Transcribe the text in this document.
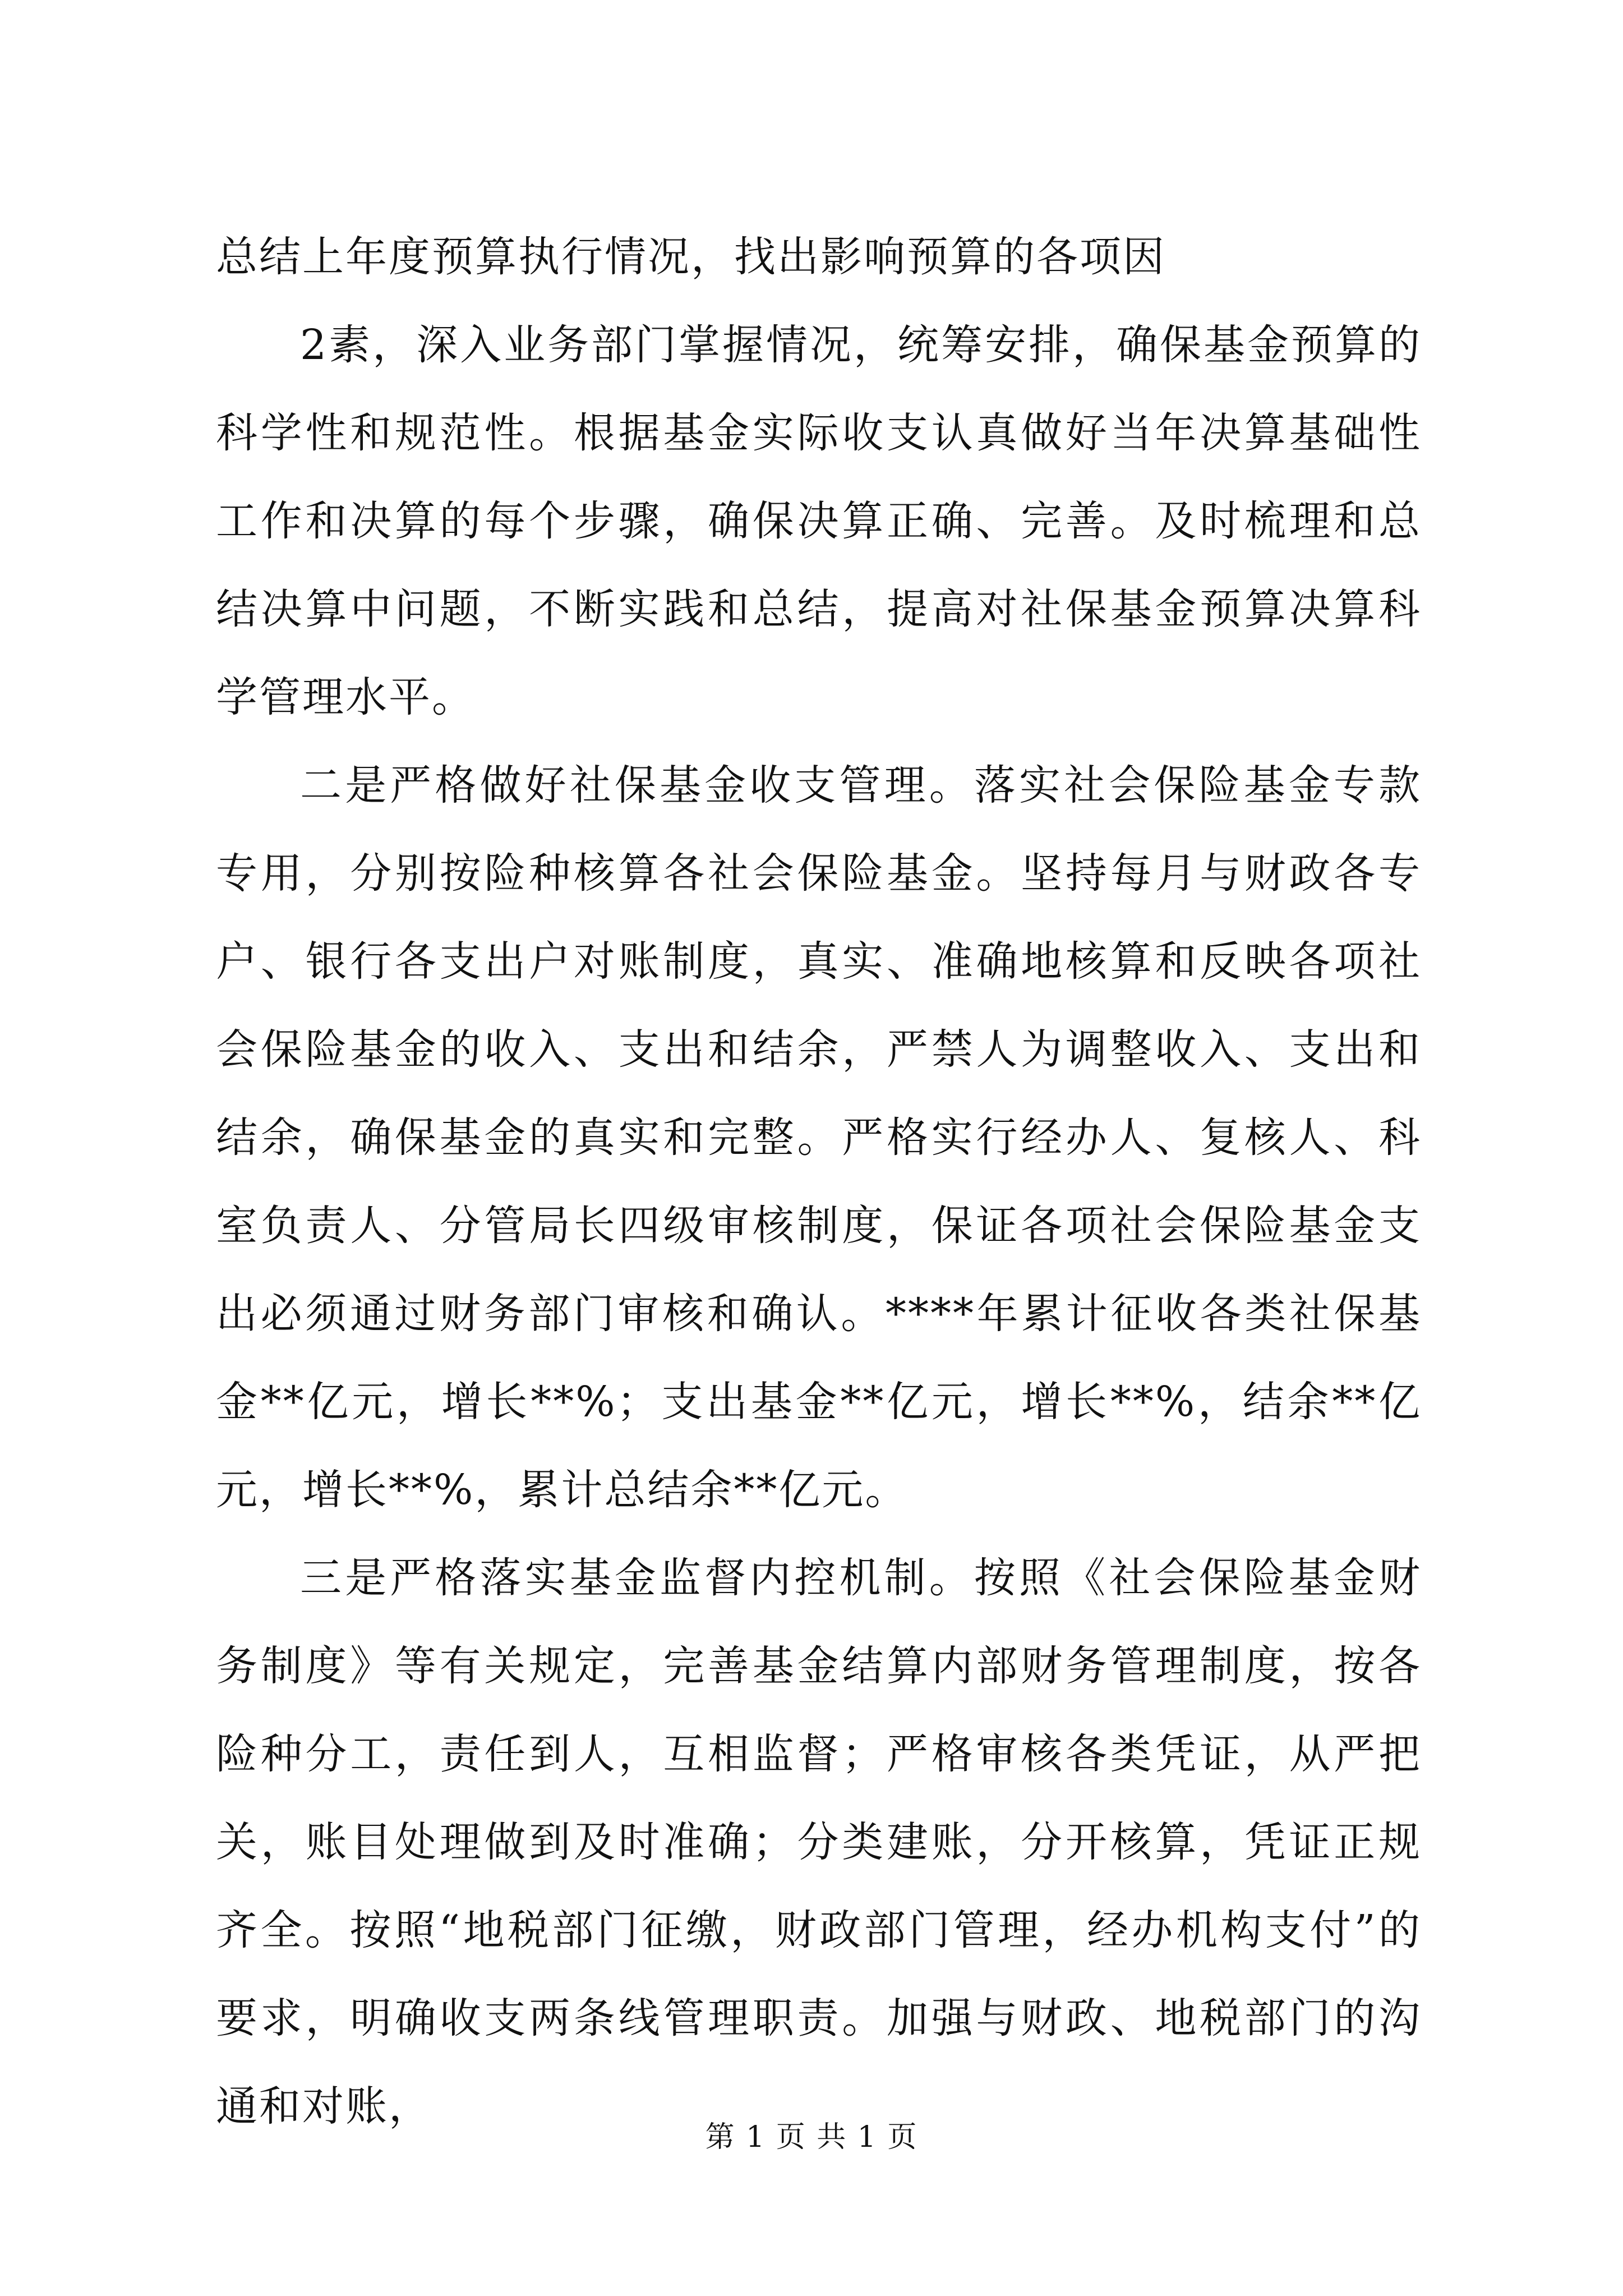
总结上年度预算执行情况，找出影响预算的各项因

2素，深入业务部门掌握情况，统筹安排，确保基金预算的科学性和规范性。根据基金实际收支认真做好当年决算基础性工作和决算的每个步骤，确保决算正确、完善。及时梳理和总结决算中问题，不断实践和总结，提高对社保基金预算决算科学管理水平。

二是严格做好社保基金收支管理。落实社会保险基金专款专用，分别按险种核算各社会保险基金。坚持每月与财政各专户、银行各支出户对账制度，真实、准确地核算和反映各项社会保险基金的收入、支出和结余，严禁人为调整收入、支出和结余，确保基金的真实和完整。严格实行经办人、复核人、科室负责人、分管局长四级审核制度，保证各项社会保险基金支出必须通过财务部门审核和确认。****年累计征收各类社保基金**亿元，增长**%；支出基金**亿元，增长**%，结余**亿元，增长**%，累计总结余**亿元。

三是严格落实基金监督内控机制。按照《社会保险基金财务制度》等有关规定，完善基金结算内部财务管理制度，按各险种分工，责任到人，互相监督；严格审核各类凭证，从严把关，账目处理做到及时准确；分类建账，分开核算，凭证正规齐全。按照“地税部门征缴，财政部门管理，经办机构支付”的要求，明确收支两条线管理职责。加强与财政、地税部门的沟通和对账，

第 1 页 共 1 页
